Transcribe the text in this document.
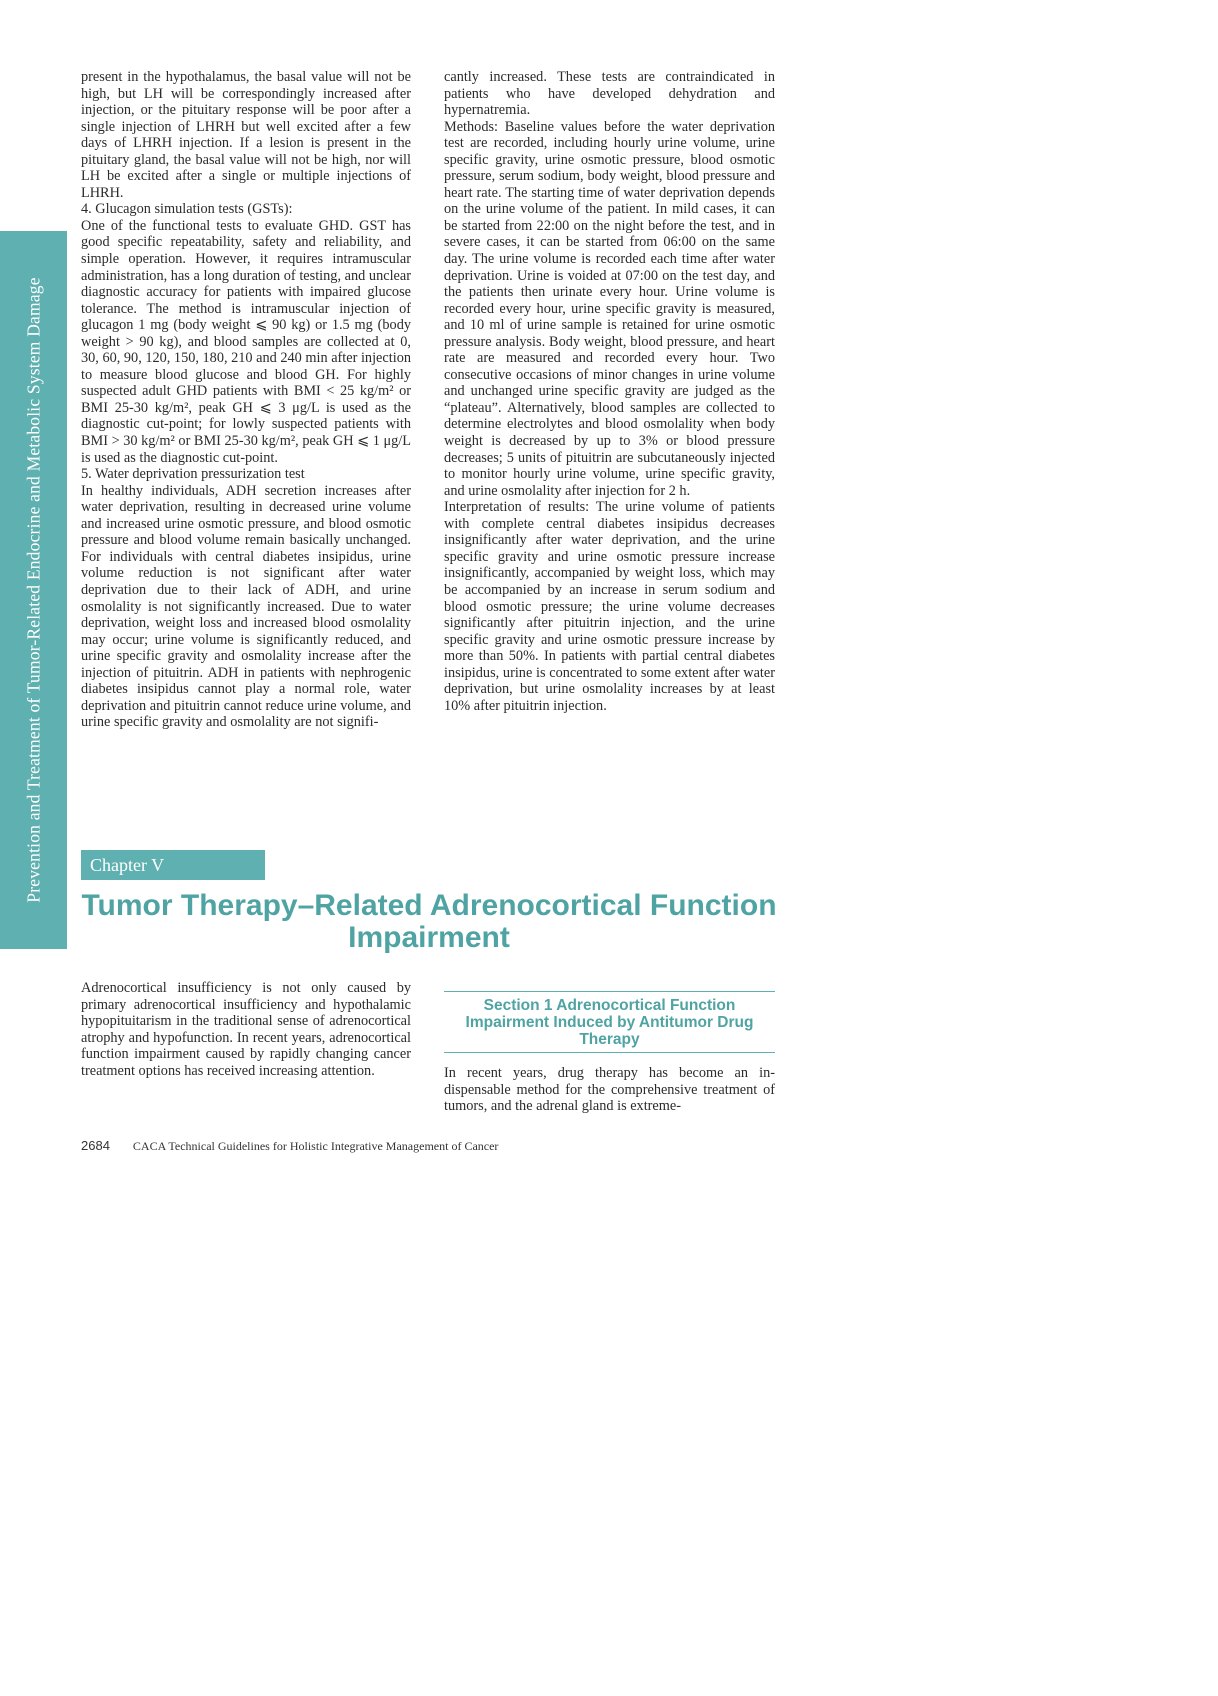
Prevention and Treatment of Tumor-Related Endocrine and Metabolic System Damage

present in the hypothalamus, the basal value will not be high, but LH will be correspondingly increased after injection, or the pituitary response will be poor after a single injection of LHRH but well excited after a few days of LHRH injection. If a lesion is present in the pituitary gland, the basal value will not be high, nor will LH be excited after a single or multiple injections of LHRH.

4. Glucagon simulation tests (GSTs):

One of the functional tests to evaluate GHD. GST has good specific repeatability, safety and reliability, and simple operation. However, it requires intramuscular administration, has a long duration of testing, and unclear diagnostic accuracy for patients with impaired glucose tolerance. The method is intramuscular injection of glucagon 1 mg (body weight ⩽ 90 kg) or 1.5 mg (body weight > 90 kg), and blood samples are collected at 0, 30, 60, 90, 120, 150, 180, 210 and 240 min after injection to measure blood glucose and blood GH. For highly suspected adult GHD patients with BMI < 25 kg/m² or BMI 25-30 kg/m², peak GH ⩽ 3 μg/L is used as the diagnostic cut-point; for lowly suspected patients with BMI > 30 kg/m² or BMI 25-30 kg/m², peak GH ⩽ 1 μg/L is used as the diagnostic cut-point.

5. Water deprivation pressurization test

In healthy individuals, ADH secretion increases after water deprivation, resulting in decreased urine volume and increased urine osmotic pressure, and blood osmotic pressure and blood volume remain basically unchanged. For individuals with central diabetes insipidus, urine volume reduction is not significant after water deprivation due to their lack of ADH, and urine osmolality is not significantly increased. Due to water deprivation, weight loss and increased blood osmolality may occur; urine volume is significantly reduced, and urine specific gravity and osmolality increase after the injection of pituitrin. ADH in patients with nephrogenic diabetes insipidus cannot play a normal role, water deprivation and pituitrin cannot reduce urine volume, and urine specific gravity and osmolality are not signifi-

cantly increased. These tests are contraindicated in patients who have developed dehydration and hypernatremia.

Methods: Baseline values before the water deprivation test are recorded, including hourly urine volume, urine specific gravity, urine osmotic pressure, blood osmotic pressure, serum sodium, body weight, blood pressure and heart rate. The starting time of water deprivation depends on the urine volume of the patient. In mild cases, it can be started from 22:00 on the night before the test, and in severe cases, it can be started from 06:00 on the same day. The urine volume is recorded each time after water deprivation. Urine is voided at 07:00 on the test day, and the patients then urinate every hour. Urine volume is recorded every hour, urine specific gravity is measured, and 10 ml of urine sample is retained for urine osmotic pressure analysis. Body weight, blood pressure, and heart rate are measured and recorded every hour. Two consecutive occasions of minor changes in urine volume and unchanged urine specific gravity are judged as the “plateau”. Alternatively, blood samples are collected to determine electrolytes and blood osmolality when body weight is decreased by up to 3% or blood pressure decreases; 5 units of pituitrin are subcutaneously injected to monitor hourly urine volume, urine specific gravity, and urine osmolality after injection for 2 h.

Interpretation of results: The urine volume of patients with complete central diabetes insipidus decreases insignificantly after water deprivation, and the urine specific gravity and urine osmotic pressure increase insignificantly, accompanied by weight loss, which may be accompanied by an increase in serum sodium and blood osmotic pressure; the urine volume decreases significantly after pituitrin injection, and the urine specific gravity and urine osmotic pressure increase by more than 50%. In patients with partial central diabetes insipidus, urine is concentrated to some extent after water deprivation, but urine osmolality increases by at least 10% after pituitrin injection.

Chapter V
Tumor Therapy–Related Adrenocortical Function Impairment

Adrenocortical insufficiency is not only caused by primary adrenocortical insufficiency and hypothalamic hypopituitarism in the traditional sense of adrenocortical atrophy and hypofunction. In recent years, adrenocortical function impairment caused by rapidly changing cancer treatment options has received increasing attention.

Section 1 Adrenocortical Function Impairment Induced by Antitumor Drug Therapy

In recent years, drug therapy has become an indispensable method for the comprehensive treatment of tumors, and the adrenal gland is extreme-

2684 CACA Technical Guidelines for Holistic Integrative Management of Cancer
